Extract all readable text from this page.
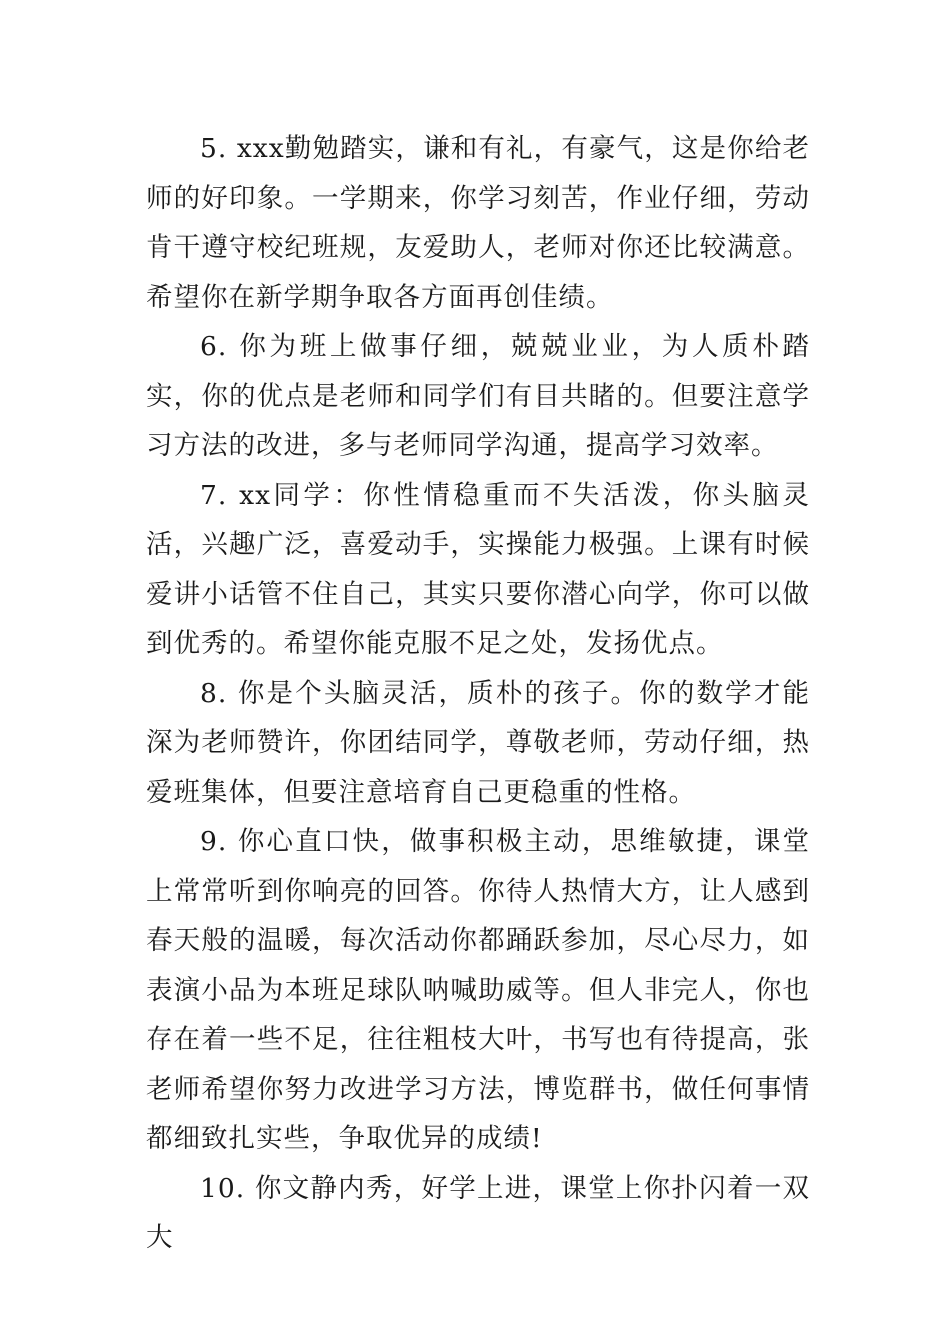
5. xxx勤勉踏实，谦和有礼，有豪气，这是你给老师的好印象。一学期来，你学习刻苦，作业仔细，劳动肯干遵守校纪班规，友爱助人，老师对你还比较满意。希望你在新学期争取各方面再创佳绩。

6. 你为班上做事仔细，兢兢业业，为人质朴踏实，你的优点是老师和同学们有目共睹的。但要注意学习方法的改进，多与老师同学沟通，提高学习效率。

7. xx同学：你性情稳重而不失活泼，你头脑灵活，兴趣广泛，喜爱动手，实操能力极强。上课有时候爱讲小话管不住自己，其实只要你潜心向学，你可以做到优秀的。希望你能克服不足之处，发扬优点。

8. 你是个头脑灵活，质朴的孩子。你的数学才能深为老师赞许，你团结同学，尊敬老师，劳动仔细，热爱班集体，但要注意培育自己更稳重的性格。

9. 你心直口快，做事积极主动，思维敏捷，课堂上常常听到你响亮的回答。你待人热情大方，让人感到春天般的温暖，每次活动你都踊跃参加，尽心尽力，如表演小品为本班足球队呐喊助威等。但人非完人，你也存在着一些不足，往往粗枝大叶，书写也有待提高，张老师希望你努力改进学习方法，博览群书，做任何事情都细致扎实些，争取优异的成绩!

10. 你文静内秀，好学上进，课堂上你扑闪着一双大
